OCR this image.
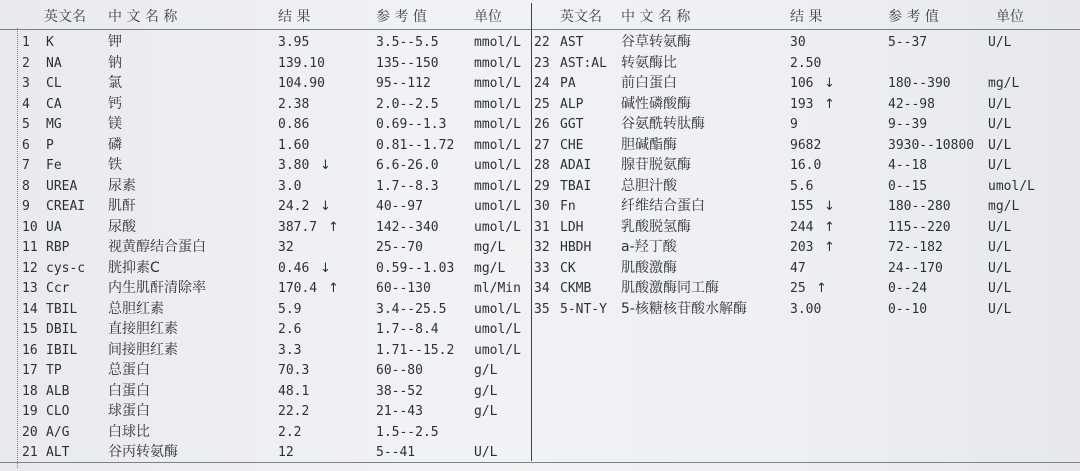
英文名 中 文 名 称	结 果	参 考 值	单位	英文名 中 文 名 称	结 果	参 考 值	单位
1 K	钾	3.95	3.5--5.5	mmol/L
2 NA	钠	139.10	135--150	mmol/L
3 CL	氯	104.90	95--112	mmol/L
4 CA	钙	2.38	2.0--2.5	mmol/L
5 MG	镁	0.86	0.69--1.3 mmol/L
6 P	磷	1.60	0.81--1.72 mmol/L
7 Fe	铁	3.80 ↓	6.6-26.0	umol/L
8 UREA 尿素	3.0	1.7--8.3	mmol/L
9 CREAI 肌酐	24.2 ↓	40--97	umol/L
10 UA	尿酸	387.7 ↑	142--340	umol/L
11 RBP	视黄醇结合蛋白	32	25--70	mg/L
12 cys-c 胱抑素C	0.46 ↓	0.59--1.03 mg/L
13 Ccr	内生肌酐清除率	170.4 ↑	60--130	ml/Min
14 TBIL 总胆红素	5.9	3.4--25.5 umol/L
15 DBIL 直接胆红素	2.6	1.7--8.4	umol/L
16 IBIL 间接胆红素	3.3	1.71--15.2 umol/L
17 TP	总蛋白	70.3	60--80	g/L
18 ALB	白蛋白	48.1	38--52	g/L
19 CLO	球蛋白	22.2	21--43	g/L
20 A/G	白球比	2.2	1.5--2.5
21 ALT	谷丙转氨酶	12	5--41	U/L
22 AST	谷草转氨酶	30	5--37	U/L
23 AST:AL 转氨酶比	2.50
24 PA	前白蛋白	106 ↓	180--390	mg/L
25 ALP	碱性磷酸酶	193 ↑	42--98	U/L
26 GGT	谷氨酰转肽酶	9	9--39	U/L
27 CHE	胆碱酯酶	9682	3930--10800 U/L
28 ADAI 腺苷脱氨酶	16.0	4--18	U/L
29 TBAI 总胆汁酸	5.6	0--15	umol/L
30 Fn	纤维结合蛋白	155 ↓	180--280	mg/L
31 LDH	乳酸脱氢酶	244 ↑	115--220	U/L
32 HBDH a-羟丁酸	203 ↑	72--182	U/L
33 CK	肌酸激酶	47	24--170	U/L
34 CKMB 肌酸激酶同工酶	25 ↑	0--24	U/L
35 5-NT-Y 5-核糖核苷酸水解酶	3.00	0--10	U/L
